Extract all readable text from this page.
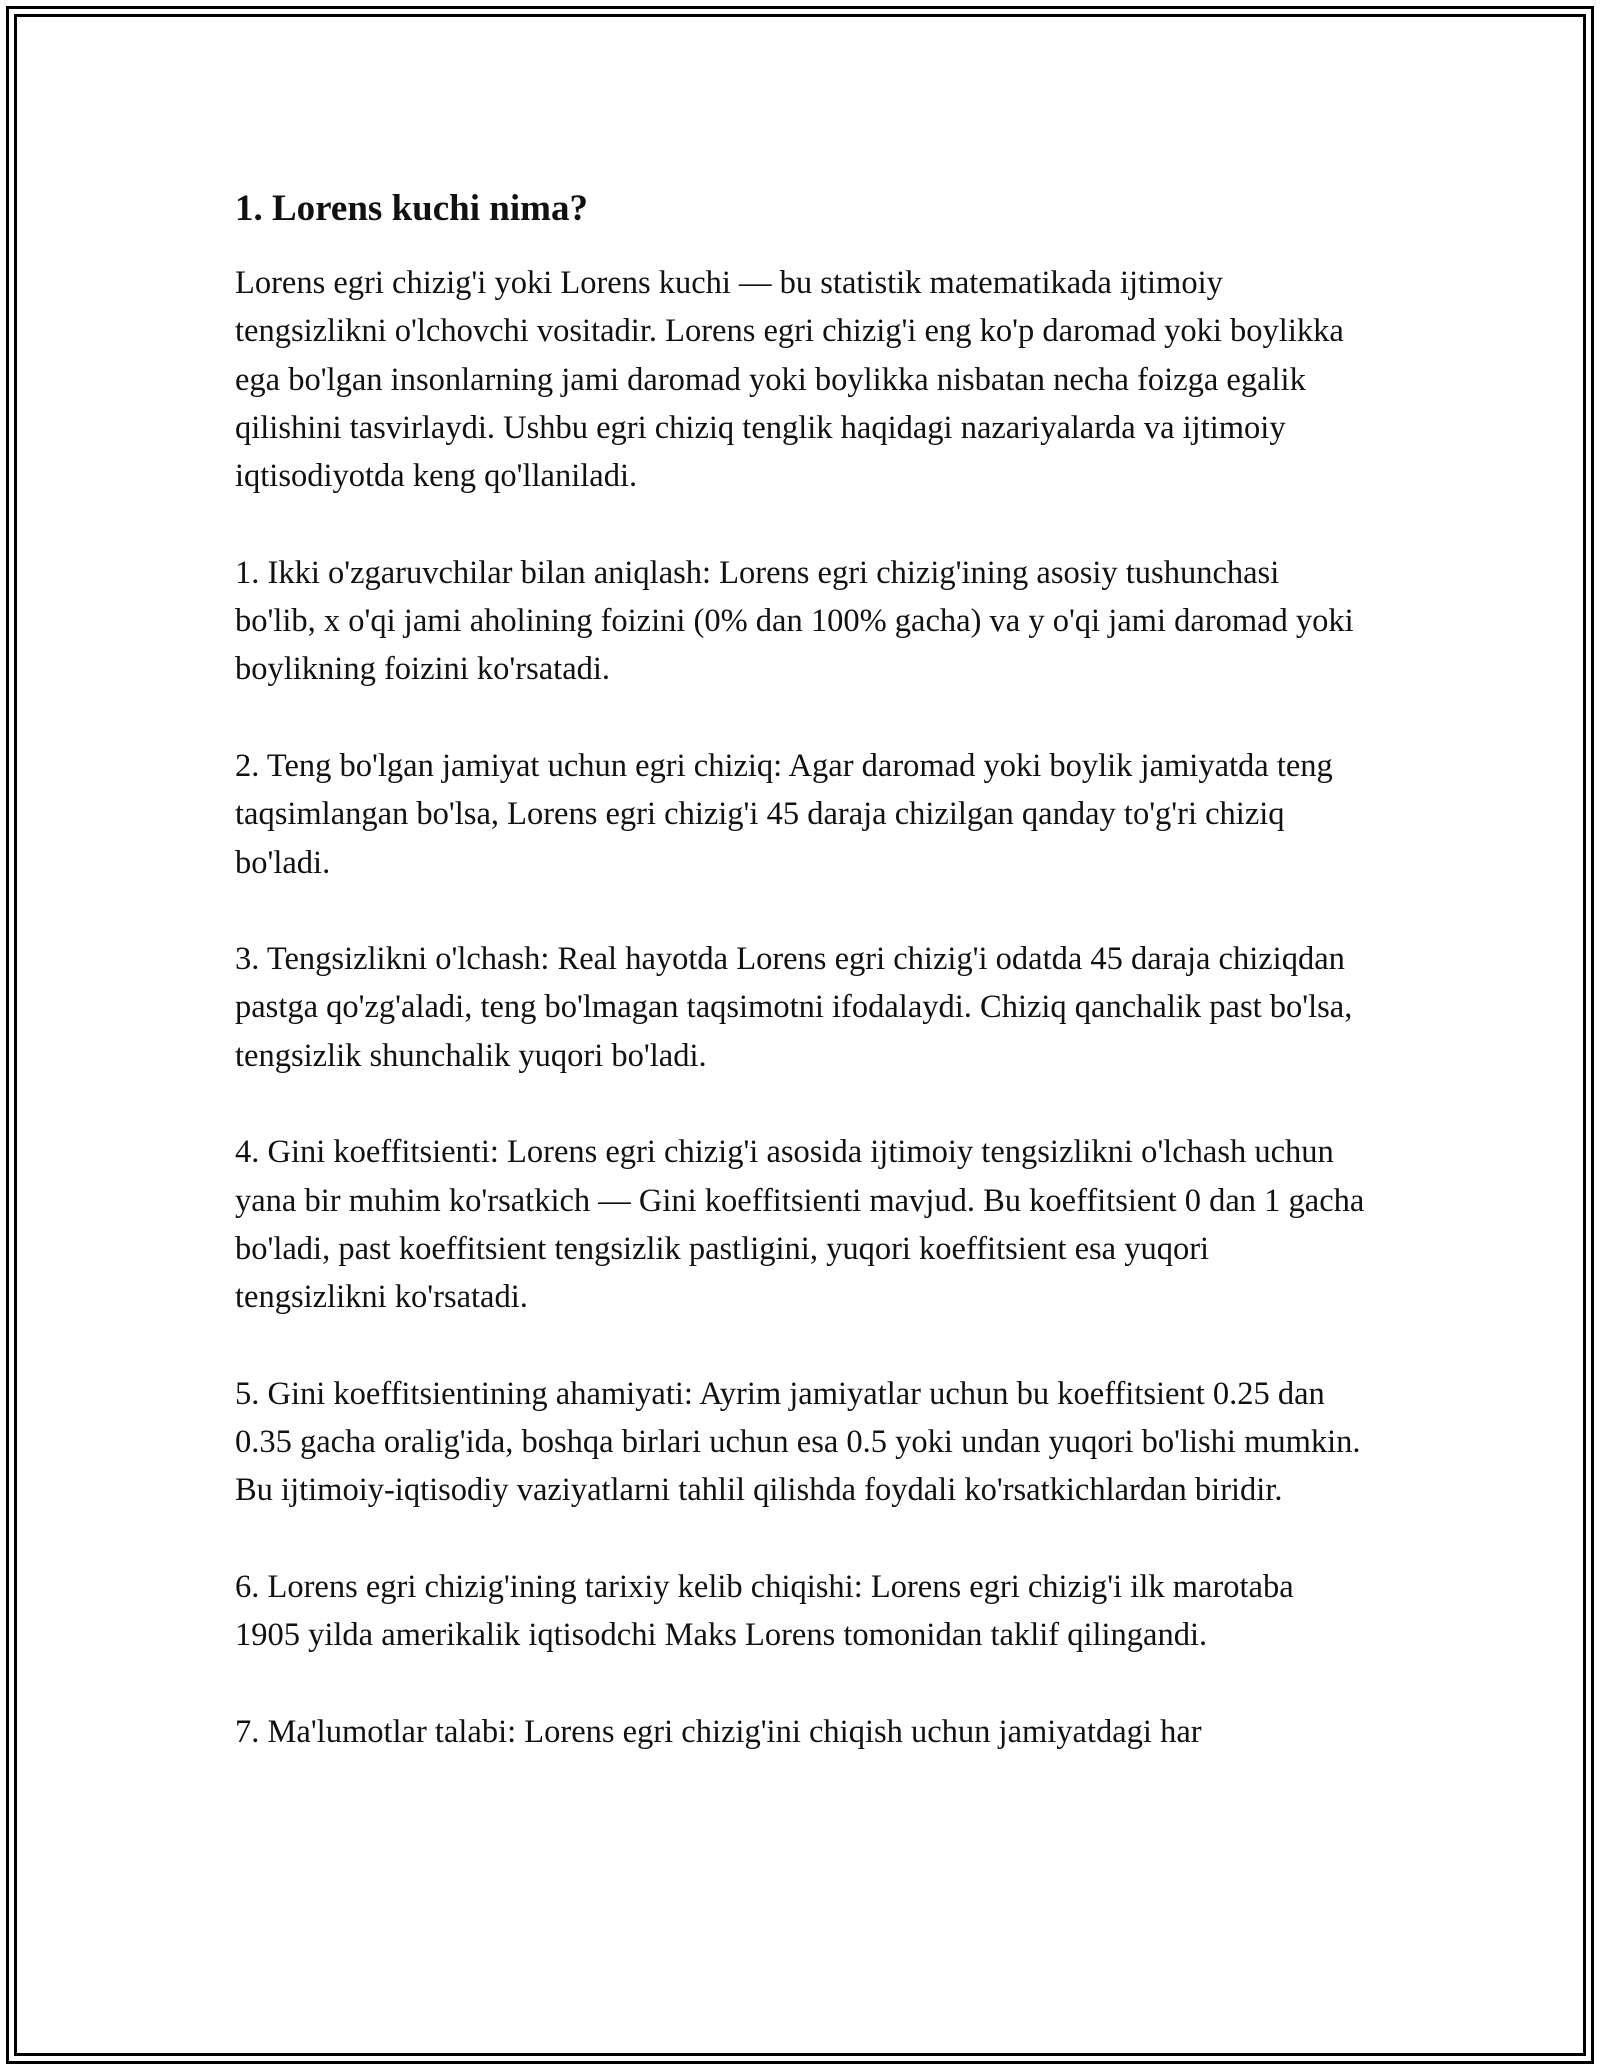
1. Lorens kuchi nima?

Lorens egri chizig'i yoki Lorens kuchi — bu statistik matematikada ijtimoiy tengsizlikni o'lchovchi vositadir. Lorens egri chizig'i eng ko'p daromad yoki boylikka ega bo'lgan insonlarning jami daromad yoki boylikka nisbatan necha foizga egalik qilishini tasvirlaydi. Ushbu egri chiziq tenglik haqidagi nazariyalarda va ijtimoiy iqtisodiyotda keng qo'llaniladi.

1. Ikki o'zgaruvchilar bilan aniqlash: Lorens egri chizig'ining asosiy tushunchasi bo'lib, x o'qi jami aholining foizini (0% dan 100% gacha) va y o'qi jami daromad yoki boylikning foizini ko'rsatadi.

2. Teng bo'lgan jamiyat uchun egri chiziq: Agar daromad yoki boylik jamiyatda teng taqsimlangan bo'lsa, Lorens egri chizig'i 45 daraja chizilgan qanday to'g'ri chiziq bo'ladi.

3. Tengsizlikni o'lchash: Real hayotda Lorens egri chizig'i odatda 45 daraja chiziqdan pastga qo'zg'aladi, teng bo'lmagan taqsimotni ifodalaydi. Chiziq qanchalik past bo'lsa, tengsizlik shunchalik yuqori bo'ladi.

4. Gini koeffitsienti: Lorens egri chizig'i asosida ijtimoiy tengsizlikni o'lchash uchun yana bir muhim ko'rsatkich — Gini koeffitsienti mavjud. Bu koeffitsient 0 dan 1 gacha bo'ladi, past koeffitsient tengsizlik pastligini, yuqori koeffitsient esa yuqori tengsizlikni ko'rsatadi.

5. Gini koeffitsientining ahamiyati: Ayrim jamiyatlar uchun bu koeffitsient 0.25 dan 0.35 gacha oralig'ida, boshqa birlari uchun esa 0.5 yoki undan yuqori bo'lishi mumkin. Bu ijtimoiy-iqtisodiy vaziyatlarni tahlil qilishda foydali ko'rsatkichlardan biridir.

6. Lorens egri chizig'ining tarixiy kelib chiqishi: Lorens egri chizig'i ilk marotaba 1905 yilda amerikalik iqtisodchi Maks Lorens tomonidan taklif qilingandi.

7. Ma'lumotlar talabi: Lorens egri chizig'ini chiqish uchun jamiyatdagi har
